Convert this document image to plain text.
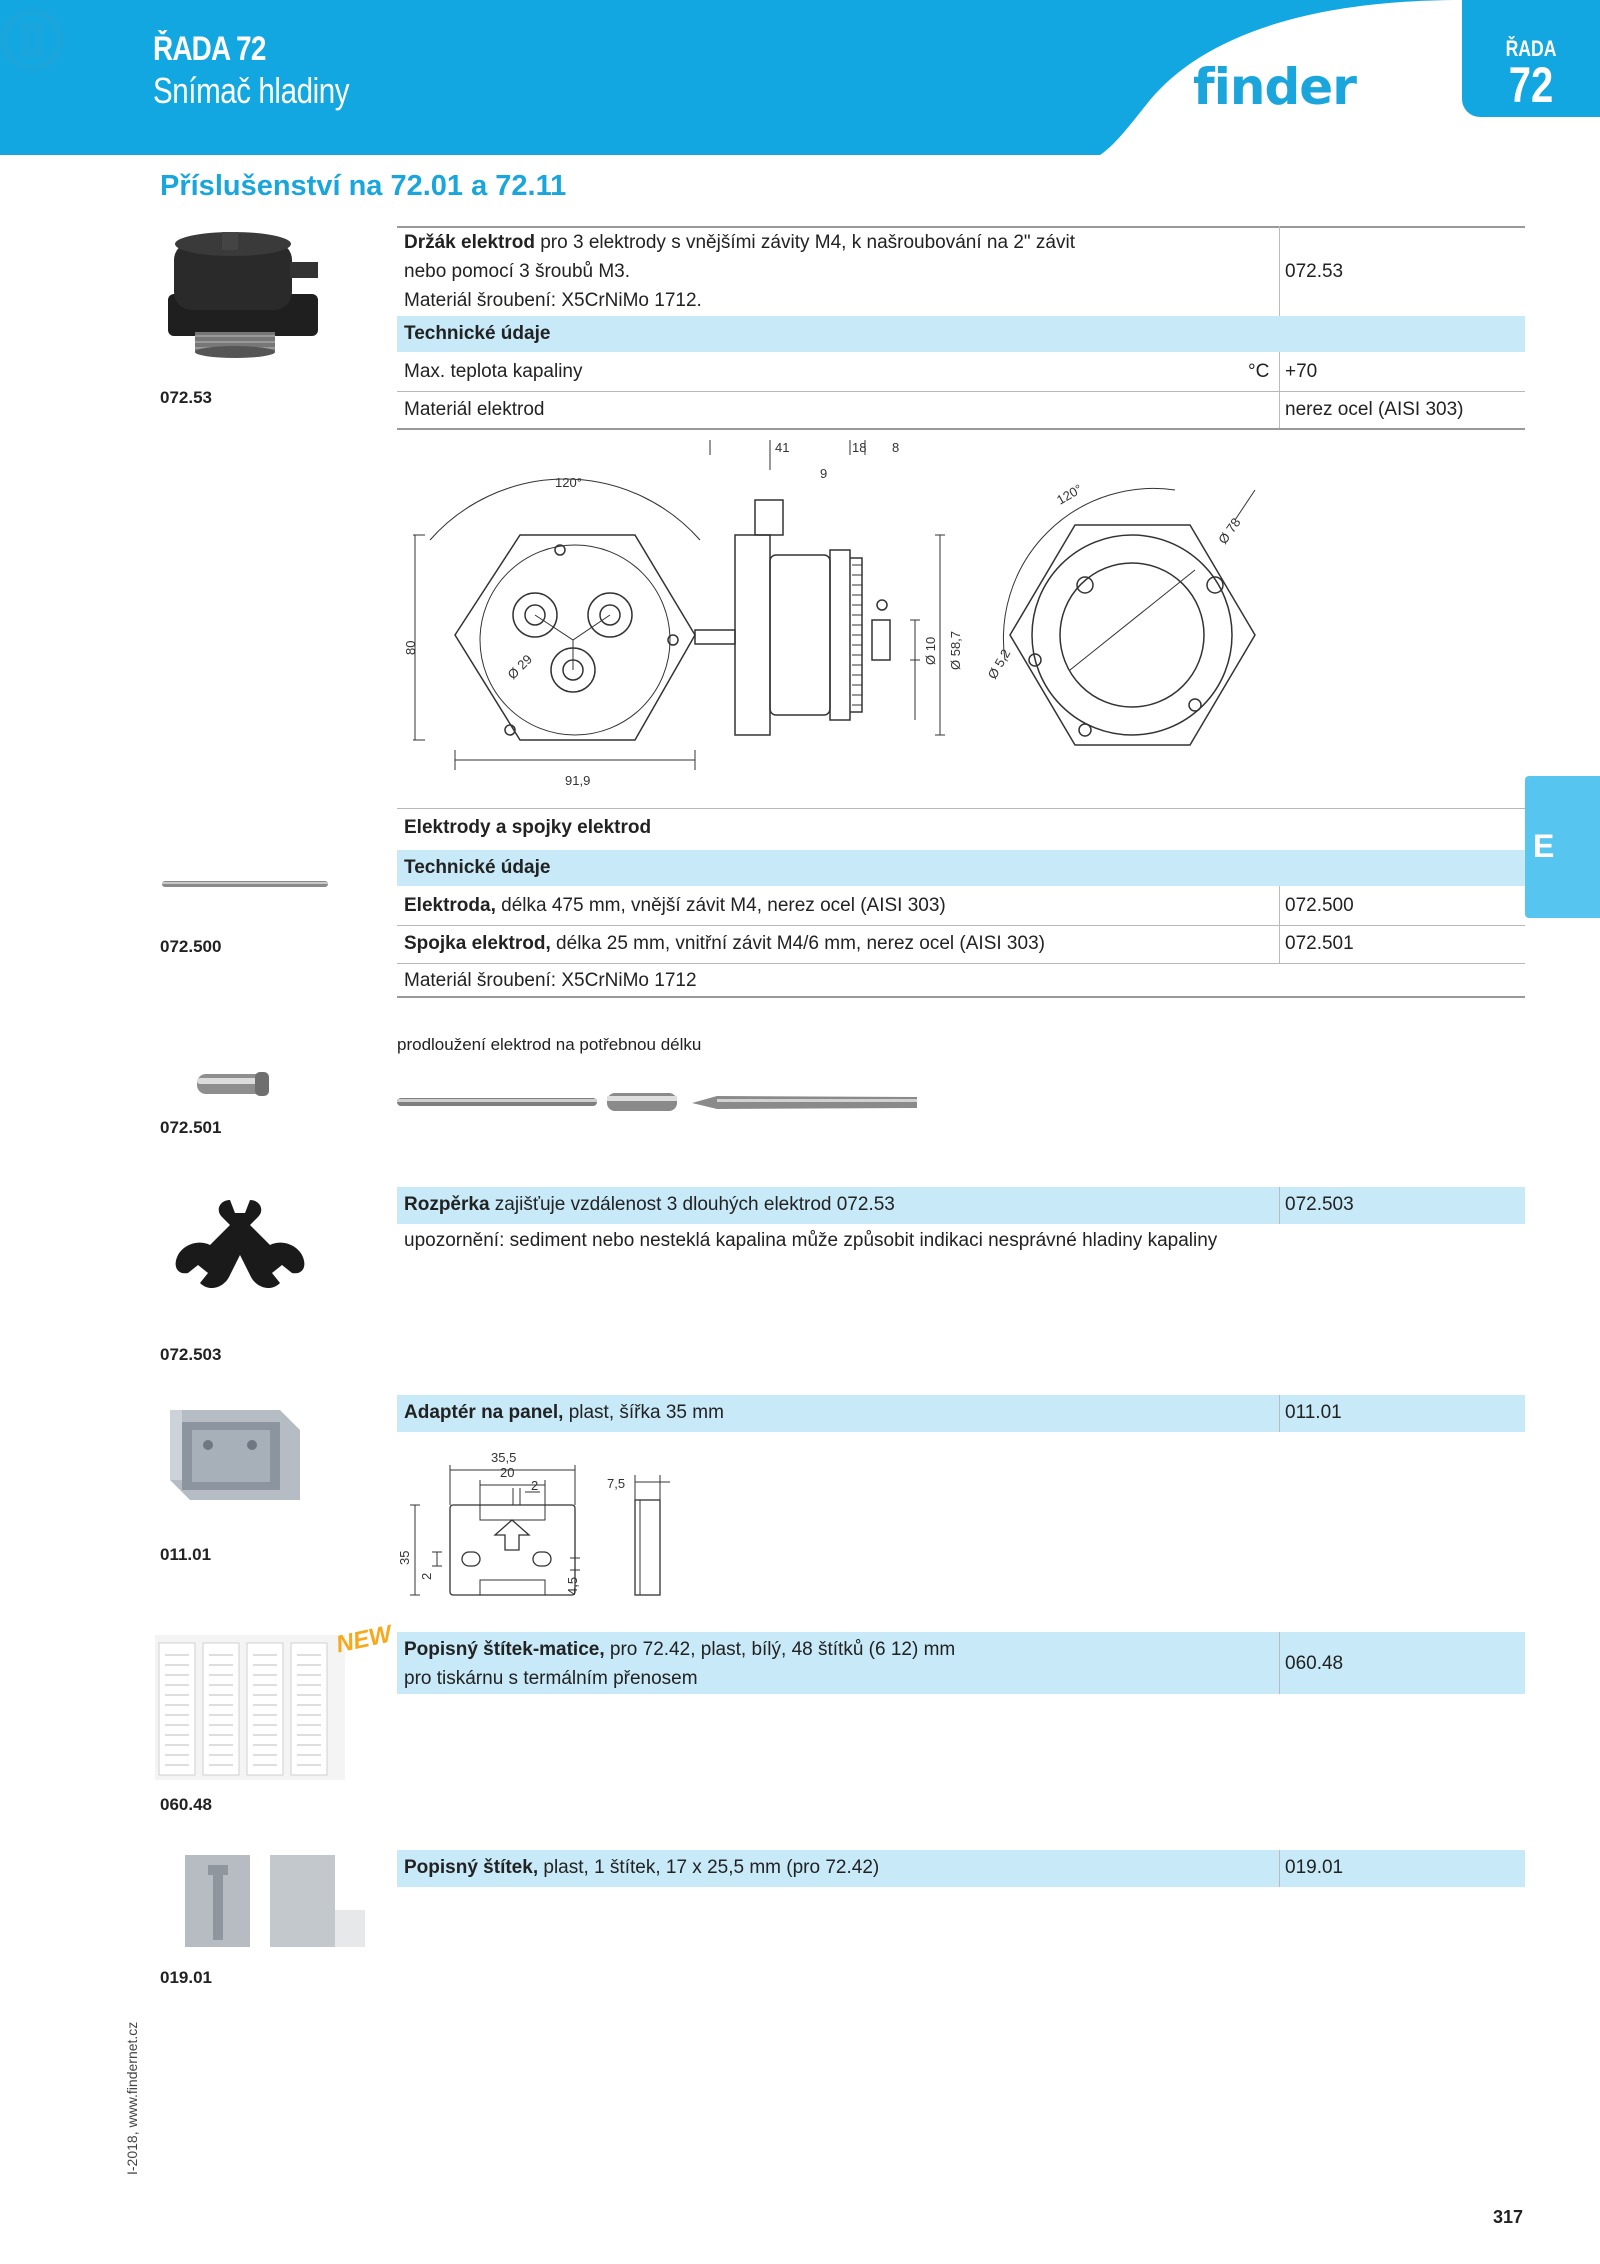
ŘADA 72
Snímač hladiny	finder
ŘADA
72
Příslušenství na 72.01 a 72.11
E
072.53
Držák elektrod pro 3 elektrody s vnějšími závity M4, k našroubování na 2" závit
nebo pomocí 3 šroubů M3.
Materiál šroubení: X5CrNiMo 1712.
072.53
Technické údaje
Max. teplota kapaliny	°C +70
Materiál elektrod	nerez ocel (AISI 303)
120°
80
91,9
Ø 29
41	18 8
9
Ø 10 Ø 58,7
120°
Ø 78
Ø 5,2
072.500
Elektrody a spojky elektrod
Technické údaje
Elektroda, délka 475 mm, vnější závit M4, nerez ocel (AISI 303)	072.500
Spojka elektrod, délka 25 mm, vnitřní závit M4/6 mm, nerez ocel (AISI 303)	072.501
Materiál šroubení: X5CrNiMo 1712
072.501
prodloužení elektrod na potřebnou délku
072.503
Rozpěrka zajišťuje vzdálenost 3 dlouhých elektrod 072.53	072.503
upozornění: sediment nebo nesteklá kapalina může způsobit indikaci nesprávné hladiny kapaliny
011.01
Adaptér na panel, plast, šířka 35 mm	011.01
35,5
20
2	7,5
35
2
4,5
NEW
060.48
Popisný štítek-matice, pro 72.42, plast, bílý, 48 štítků (6 12) mm
pro tiskárnu s termálním přenosem
060.48
019.01
Popisný štítek, plast, 1 štítek, 17 x 25,5 mm (pro 72.42)	019.01
I-2018, www.findernet.cz
317
